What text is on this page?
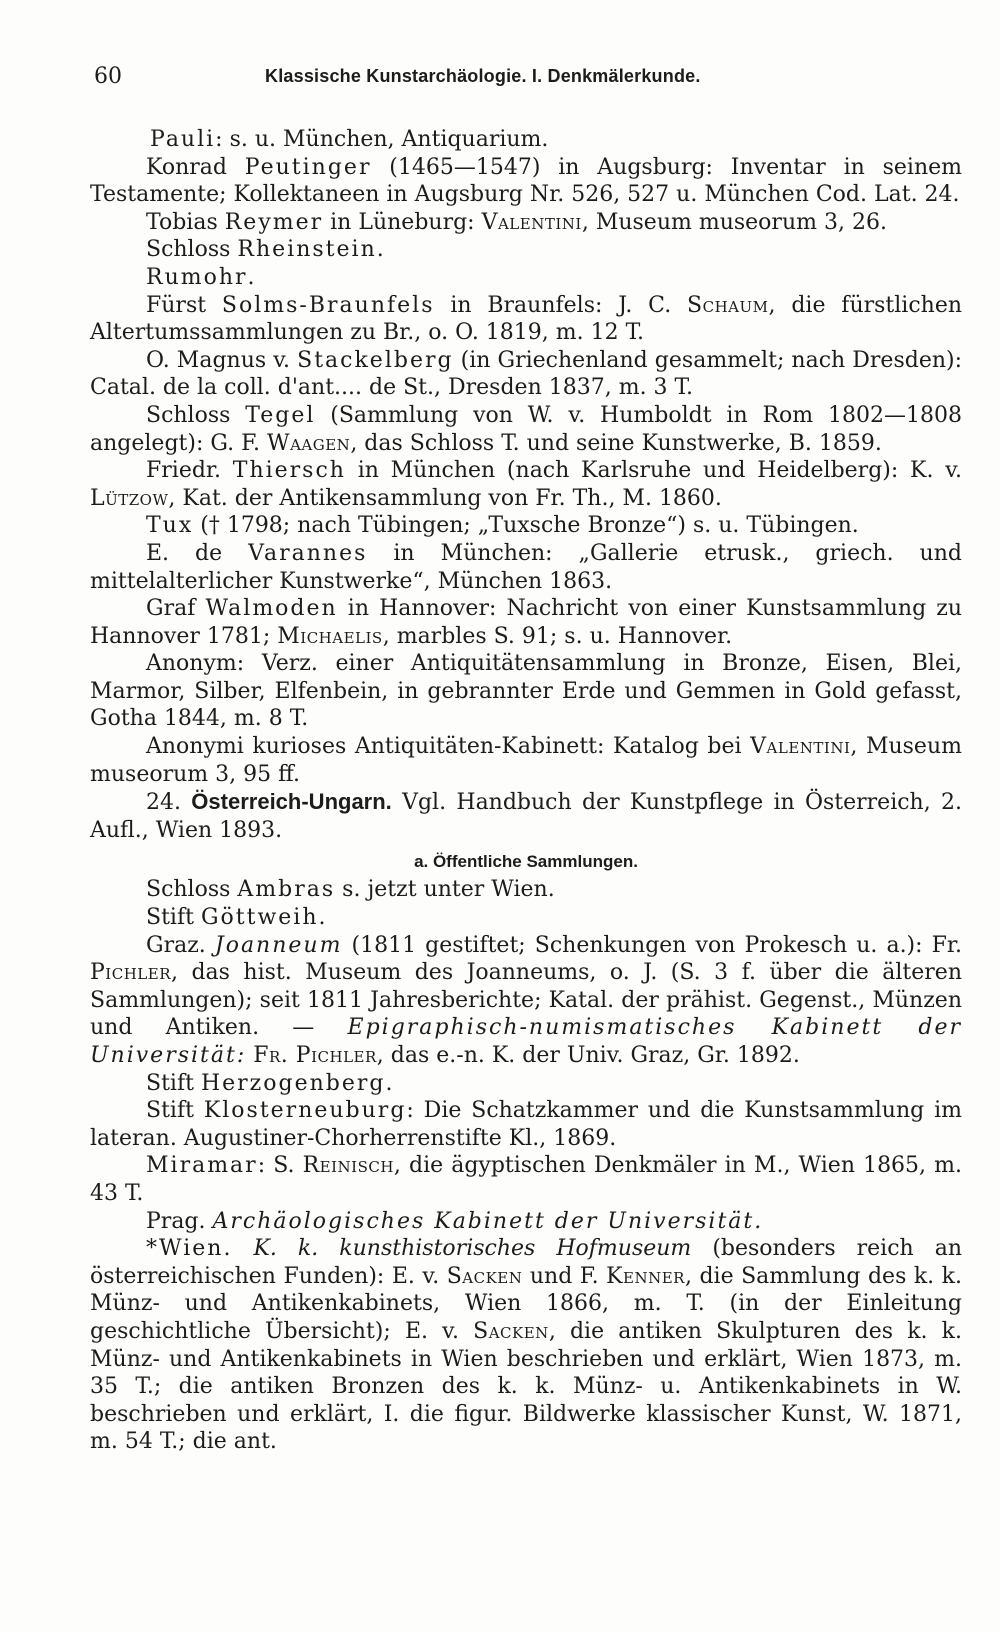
60	Klassische Kunstarchäologie. I. Denkmälerkunde.

Pauli: s. u. München, Antiquarium.

Konrad Peutinger (1465—1547) in Augsburg: Inventar in seinem Testamente; Kollektaneen in Augsburg Nr. 526, 527 u. München Cod. Lat. 24.

Tobias Reymer in Lüneburg: Valentini, Museum museorum 3, 26.

Schloss Rheinstein.

Rumohr.

Fürst Solms-Braunfels in Braunfels: J. C. Schaum, die fürstlichen Altertumssammlungen zu Br., o. O. 1819, m. 12 T.

O. Magnus v. Stackelberg (in Griechenland gesammelt; nach Dresden): Catal. de la coll. d'ant.... de St., Dresden 1837, m. 3 T.

Schloss Tegel (Sammlung von W. v. Humboldt in Rom 1802—1808 angelegt): G. F. Waagen, das Schloss T. und seine Kunstwerke, B. 1859.

Friedr. Thiersch in München (nach Karlsruhe und Heidelberg): K. v. Lützow, Kat. der Antikensammlung von Fr. Th., M. 1860.

Tux († 1798; nach Tübingen; „Tuxsche Bronze“) s. u. Tübingen.

E. de Varannes in München: „Gallerie etrusk., griech. und mittelalterlicher Kunstwerke“, München 1863.

Graf Walmoden in Hannover: Nachricht von einer Kunstsammlung zu Hannover 1781; Michaelis, marbles S. 91; s. u. Hannover.

Anonym: Verz. einer Antiquitätensammlung in Bronze, Eisen, Blei, Marmor, Silber, Elfenbein, in gebrannter Erde und Gemmen in Gold gefasst, Gotha 1844, m. 8 T.

Anonymi kurioses Antiquitäten-Kabinett: Katalog bei Valentini, Museum museorum 3, 95 ff.

24. Österreich-Ungarn. Vgl. Handbuch der Kunstpflege in Österreich, 2. Aufl., Wien 1893.

a. Öffentliche Sammlungen.

Schloss Ambras s. jetzt unter Wien.

Stift Göttweih.

Graz. Joanneum (1811 gestiftet; Schenkungen von Prokesch u. a.): Fr. Pichler, das hist. Museum des Joanneums, o. J. (S. 3 f. über die älteren Sammlungen); seit 1811 Jahresberichte; Katal. der prähist. Gegenst., Münzen und Antiken. — Epigraphisch-numismatisches Kabinett der Universität: Fr. Pichler, das e.-n. K. der Univ. Graz, Gr. 1892.

Stift Herzogenberg.

Stift Klosterneuburg: Die Schatzkammer und die Kunstsammlung im lateran. Augustiner-Chorherrenstifte Kl., 1869.

Miramar: S. Reinisch, die ägyptischen Denkmäler in M., Wien 1865, m. 43 T.

Prag. Archäologisches Kabinett der Universität.

*Wien. K. k. kunsthistorisches Hofmuseum (besonders reich an österreichischen Funden): E. v. Sacken und F. Kenner, die Sammlung des k. k. Münz- und Antikenkabinets, Wien 1866, m. T. (in der Einleitung geschichtliche Übersicht); E. v. Sacken, die antiken Skulpturen des k. k. Münz- und Antikenkabinets in Wien beschrieben und erklärt, Wien 1873, m. 35 T.; die antiken Bronzen des k. k. Münz- u. Antikenkabinets in W. beschrieben und erklärt, I. die figur. Bildwerke klassischer Kunst, W. 1871, m. 54 T.; die ant.
